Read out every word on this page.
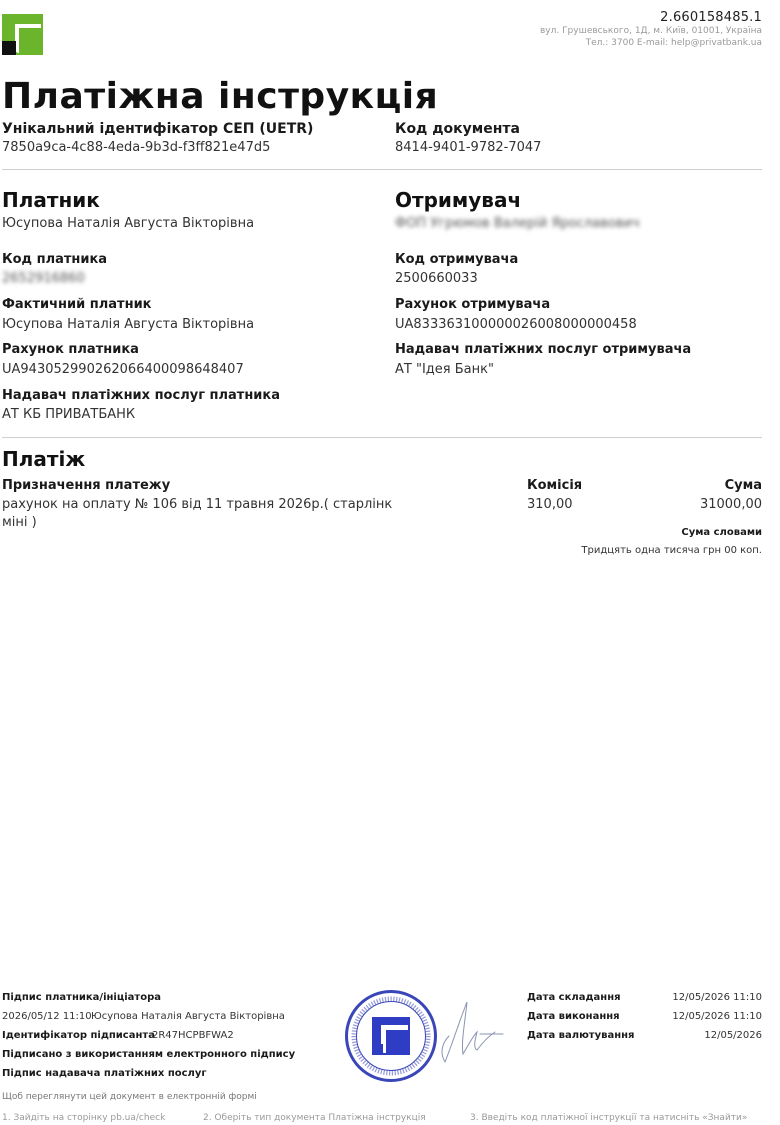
2.660158485.1
вул. Грушевського, 1Д, м. Київ, 01001, Україна
Тел.: 3700 E-mail: help@privatbank.ua
Платіжна інструкція
Унікальний ідентифікатор СЕП (UETR)
7850a9ca-4c88-4eda-9b3d-f3ff821e47d5
Код документа
8414-9401-9782-7047
Платник
Юсупова Наталія Августа Вікторівна
Код платника
2652916860
Фактичний платник
Юсупова Наталія Августа Вікторівна
Рахунок платника
UA943052990262066400098648407
Надавач платіжних послуг платника
АТ КБ ПРИВАТБАНК
Отримувач
ФОП Угрюмов Валерій Ярославович
Код отримувача
2500660033
Рахунок отримувача
UA833363100000026008000000458
Надавач платіжних послуг отримувача
АТ "Ідея Банк"
Платіж
Призначення платежу
рахунок на оплату № 106 від 11 травня 2026р.( старлінк
міні )
Комісія
310,00
Сума
31000,00
Сума словами
Тридцять одна тисяча грн 00 коп.
Підпис платника/ініціатора
2026/05/12 11:10 Юсупова Наталія Августа Вікторівна
Ідентифікатор підписанта
2R47HCPBFWA2
Підписано з використанням електронного підпису
Підпис надавача платіжних послуг
Дата складання	12/05/2026 11:10
Дата виконання	12/05/2026 11:10
Дата валютування	12/05/2026
Щоб переглянути цей документ в електронній формі
1. Зайдіть на сторінку pb.ua/check	2. Оберіть тип документа Платіжна інструкція	3. Введіть код платіжної інструкції та натисніть «Знайти»
